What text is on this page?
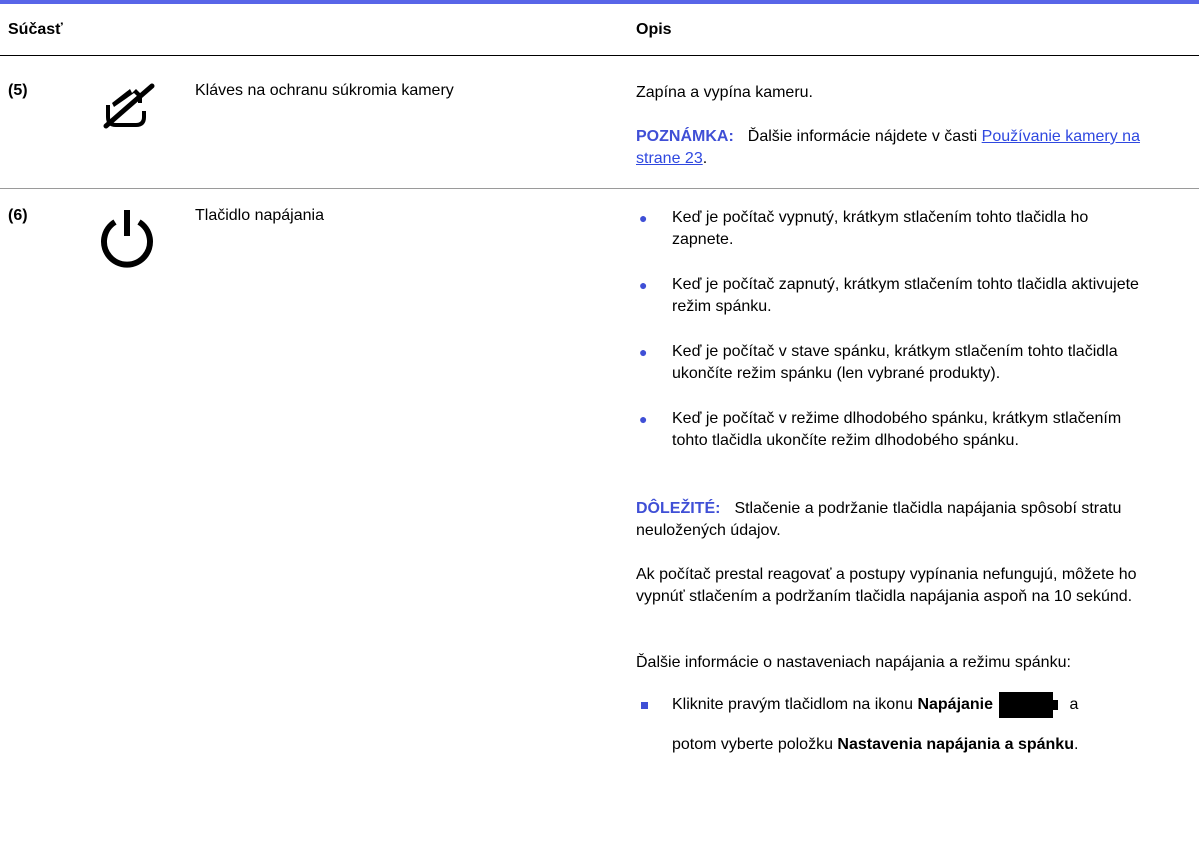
Súčasť	Opis
(5)	Kláves na ochranu súkromia kamery	Zapína a vypína kameru.

POZNÁMKA: Ďalšie informácie nájdete v časti Používanie kamery na strane 23.

(6)	Tlačidlo napájania	● Keď je počítač vypnutý, krátkym stlačením tohto tlačidla ho zapnete.
● Keď je počítač zapnutý, krátkym stlačením tohto tlačidla aktivujete režim spánku.
● Keď je počítač v stave spánku, krátkym stlačením tohto tlačidla ukončíte režim spánku (len vybrané produkty).
● Keď je počítač v režime dlhodobého spánku, krátkym stlačením tohto tlačidla ukončíte režim dlhodobého spánku.

DÔLEŽITÉ: Stlačenie a podržanie tlačidla napájania spôsobí stratu neuložených údajov.

Ak počítač prestal reagovať a postupy vypínania nefungujú, môžete ho vypnúť stlačením a podržaním tlačidla napájania aspoň na 10 sekúnd.

Ďalšie informácie o nastaveniach napájania a režimu spánku:

Kliknite pravým tlačidlom na ikonu Napájanie	a
potom vyberte položku Nastavenia napájania a spánku.
